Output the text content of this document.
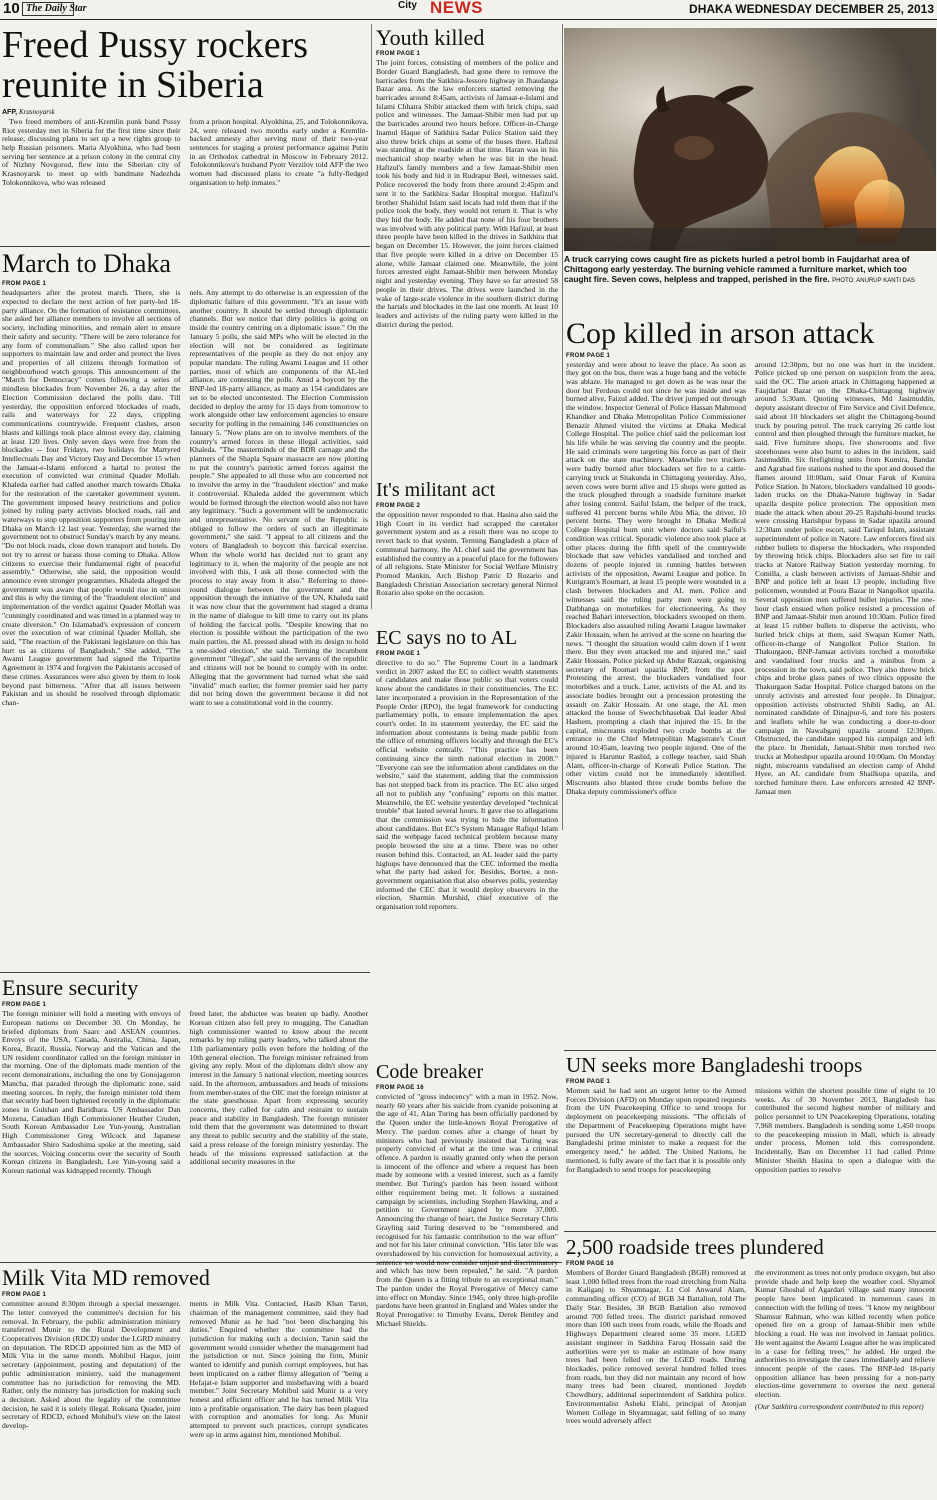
10 The Daily Star	City NEWS	DHAKA WEDNESDAY DECEMBER 25, 2013
Freed Pussy rockers reunite in Siberia
AFP, Krasnoyarsk

Two freed members of anti-Kremlin punk band Pussy Riot yesterday met in Siberia for the first time since their release, discussing plans to set up a new rights group to help Russian prisoners. Maria Alyokhina, who had been serving her sentence at a prison colony in the central city of Nizhny Novgorod, flew into the Siberian city of Krasnoyarsk to meet up with bandmate Nadezhda Tolokonnikova, who was released

from a prison hospital. Alyokhina, 25, and Tolokonnikova, 24, were released two months early under a Kremlin-backed amnesty after serving most of their two-year sentences for staging a protest performance against Putin in an Orthodox cathedral in Moscow in February 2012. Tolokonnikova's husband Pyotr Verzilov told AFP the two women had discussed plans to create "a fully-fledged organisation to help inmates."

March to Dhaka
FROM PAGE 1

headquarters after the protest march. There, she is expected to declare the next action of her party-led 18-party alliance. On the formation of resistance committees, she asked her alliance members to involve all sections of society, including minorities, and remain alert to ensure their safety and security. "There will be zero tolerance for any form of communalism." She also called upon her supporters to maintain law and order and protect the lives and properties of all citizens through formation of neighbourhood watch groups. This announcement of the "March for Democracy" comes following a series of mindless blockades from November 26, a day after the Election Commission declared the polls date. Till yesterday, the opposition enforced blockades of roads, rails and waterways for 22 days, crippling communications countrywide. Frequent clashes, arson blasts and killings took place almost every day, claiming at least 120 lives. Only seven days were free from the blockades -- four Fridays, two holidays for Martyred Intellectuals Day and Victory Day and December 15 when the Jamaat-e-Islami enforced a hartal to protest the execution of convicted war criminal Quader Mollah. Khaleda earlier had called another march towards Dhaka for the restoration of the caretaker government system. The government imposed heavy restrictions and police joined by ruling party activists blocked roads, rail and waterways to stop opposition supporters from pouring into Dhaka on March 12 last year. Yesterday, she warned the government not to obstruct Sunday's march by any means. "Do not block roads, close down transport and hotels. Do not try to arrest or harass those coming to Dhaka. Allow citizens to exercise their fundamental right of peaceful assembly." Otherwise, she said, the opposition would announce even stronger programmes. Khaleda alleged the government was aware that people would rise in unison and this is why the timing of the "fraudulent election" and implementation of the verdict against Quader Mollah was "cunningly coordinated and was timed in a planned way to create diversion." On Islamabad's expression of concern over the execution of war criminal Quader Mollah, she said, "The reaction of the Pakistani legislature on this has hurt us as citizens of Bangladesh." She added, "The Awami League government had signed the Tripartite Agreement in 1974 and forgiven the Pakistanis accused of these crimes. Assurances were also given by them to look beyond past bitterness. "After that all issues between Pakistan and us should be resolved through diplomatic chan-

nels. Any attempt to do otherwise is an expression of the diplomatic failure of this government. "It's an issue with another country. It should be settled through diplomatic channels. But we notice that dirty politics is going on inside the country centring on a diplomatic issue." On the January 5 polls, she said MPs who will be elected in the election will not be considered as legitimate representatives of the people as they do not enjoy any popular mandate. The ruling Awami League and 11 other parties, most of which are components of the AL-led alliance, are contesting the polls. Amid a boycott by the BNP-led 18-party alliance, as many as 154 candidates are set to be elected uncontested. The Election Commission decided to deploy the army for 15 days from tomorrow to work alongside other law enforcement agencies to ensure security for polling in the remaining 146 constituencies on January 5. "Now plans are on to involve members of the country's armed forces in these illegal activities, said Khaleda. "The masterminds of the BDR carnage and the planners of the Shapla Square massacre are now plotting to put the country's patriotic armed forces against the people." She appealed to all those who are concerned not to involve the army in the "fraudulent election" and make it controversial. Khaleda added the government which would be formed through the election would also not have any legitimacy. "Such a government will be undemocratic and unrepresentative. No servant of the Republic is obliged to follow the orders of such an illegitimate government," she said. "I appeal to all citizens and the voters of Bangladesh to boycott this farcical exercise. When the whole world has decided not to grant any legitimacy to it, when the majority of the people are not involved with this, I ask all those connected with the process to stay away from it also." Referring to three-round dialogue between the government and the opposition through the initiative of the UN, Khaleda said it was now clear that the government had staged a drama in the name of dialogue to kill time to carry out its plans of holding the farcical polls. "Despite knowing that no election is possible without the participation of the two main parties, the AL pressed ahead with its design to hold a one-sided election," she said. Terming the incumbent government "illegal", she said the servants of the republic and citizens will not be bound to comply with its order. Alleging that the government had turned what she said "invalid" much earlier, the former premier said her party did not bring down the government because it did not want to see a constitutional void in the country.

Ensure security
FROM PAGE 1

The foreign minister will hold a meeting with envoys of European nations on December 30. On Monday, he briefed diplomats from Saarc and ASEAN countries. Envoys of the USA, Canada, Australia, China, Japan, Korea, Brazil, Russia, Norway and the Vatican and the UN resident coordinator called on the foreign minister in the morning. One of the diplomats made mention of the recent demonstrations, including the one by Gonojagoron Mancha, that paraded through the diplomatic zone, said meeting sources. In reply, the foreign minister told them that security had been tightened recently in the diplomatic zones in Gulshan and Baridhara. US Ambassador Dan Mozena, Canadian High Commissioner Heather Cruden, South Korean Ambassador Lee Yun-young, Australian High Commissioner Greg Wilcock and Japanese Ambassador Shiro Sadoshima spoke at the meeting, said the sources. Voicing concerns over the security of South Korean citizens in Bangladesh, Lee Yun-young said a Korean national was kidnapped recently. Though

freed later, the abductee was beaten up badly. Another Korean citizen also fell prey to mugging. The Canadian high commissioner wanted to know about the recent remarks by top ruling party leaders, who talked about the 11th parliamentary polls even before the holding of the 10th general election. The foreign minister refrained from giving any reply. Most of the diplomats didn't show any interest in the January 5 national election, meeting sources said. In the afternoon, ambassadors and heads of missions from member-states of the OIC met the foreign minister at the state guesthouse. Apart from expressing security concerns, they called for calm and restraint to sustain peace and stability in Bangladesh. The foreign minister told them that the government was determined to thwart any threat to public security and the stability of the state, said a press release of the foreign ministry yesterday. The heads of the missions expressed satisfaction at the additional security measures in the

Milk Vita MD removed
FROM PAGE 1

committee around 8:30pm through a special messenger. The letter conveyed the committee's decision for his removal. In February, the public administration ministry transferred Munir to the Rural Development and Cooperatives Division (RDCD) under the LGRD ministry on deputation. The RDCD appointed him as the MD of Milk Vita in the same month. Mohibul Haque, joint secretary (appointment, posting and deputation) of the public administration ministry, said the management committee has no jurisdiction for removing the MD. Rather, only the ministry has jurisdiction for making such a decision. Asked about the legality of the committee decision, he said it is solely illegal. Roksana Quader, joint secretary of RDCD, echoed Mohibul's view on the latest develop-

ments in Milk Vita. Contacted, Hasib Khan Tarun, chairman of the management committee, said they had removed Munir as he had "not been discharging his duties." Enquired whether the committee had the jurisdiction for making such a decision, Tarun said the government would consider whether the management had the jurisdiction or not. Since joining the firm, Munir wanted to identify and punish corrupt employees, but has been implicated on a rather flimsy allegation of "being a Hefajat-e Islam supporter and misbehaving with a board member." Joint Secretary Mohibul said Munir is a very honest and efficient officer and he has turned Milk Vita into a profitable organisation. The dairy has been plagued with corruption and anomalies for long. As Munir attempted to prevent such practices, corrupt syndicates were up in arms against him, mentioned Mohibul.

Youth killed
FROM PAGE 1

The joint forces, consisting of members of the police and Border Guard Bangladesh, had gone there to remove the barricades from the Satkhira-Jessore highway in Jhaudanga Bazar area. As the law enforcers started removing the barricades around 8:45am, activists of Jamaat-e-Islami and Islami Chhatra Shibir attacked them with brick chips, said police and witnesses. The Jamaat-Shibir men had put up the barricades around two hours before. Officer-in-Charge Inamul Haque of Satkhira Sadar Police Station said they also threw brick chips at some of the buses there. Hafizul was standing at the roadside at that time. Haran was in his mechanical shop nearby when he was hit in the head. Hafizul's family members and a few Jamaat-Shibir men took his body and hid it in Rudrapur Beel, witnesses said. Police recovered the body from there around 2:45pm and sent it to the Satkhira Sadar Hospital morgue. Hafizul's brother Shahidul Islam said locals had told them that if the police took the body, they would not return it. That is why they hid the body. He added that none of his four brothers was involved with any political party. With Hafizul, at least three people have been killed in the drives in Satkhira that began on December 15. However, the joint forces claimed that five people were killed in a drive on December 15 alone, while Jamaat claimed one. Meanwhile, the joint forces arrested eight Jamaat-Shibir men between Monday night and yesterday evening. They have so far arrested 58 people in their drives. The drives were launched in the wake of large-scale violence in the southern district during the hartals and blockades in the last one month. At least 10 leaders and activists of the ruling party were killed in the district during the period.

It's militant act
FROM PAGE 2

the opposition never responded to that. Hasina also said the High Court in its verdict had scrapped the caretaker government system and as a result there was no scope to revert back to that system. Terming Bangladesh a place of communal harmony, the AL chief said the government has established the country as a peaceful place for the followers of all religions. State Minister for Social Welfare Ministry Promod Mankin, Arch Bishop Patric D Rozario and Bangladesh Christian Association secretary general Nirmol Rozario also spoke on the occasion.

EC says no to AL
FROM PAGE 1

directive to do so." The Supreme Court in a landmark verdict in 2007 asked the EC to collect wealth statements of candidates and make those public so that voters could know about the candidates in their constituencies. The EC later incorporated a provision in the Representation of the People Order (RPO), the legal framework for conducting parliamentary polls, to ensure implementation the apex court's order. In its statement yesterday, the EC said the information about contestants is being made public from the office of returning officers locally and through the EC's official website centrally. "This practice has been continuing since the ninth national election in 2008." "Everyone can see the information about candidates on the website," said the statement, adding that the commission has not stepped back from its practice. The EC also urged all not to publish any "confusing" reports on this matter. Meanwhile, the EC website yesterday developed "technical trouble" that lasted several hours. It gave rise to allegations that the commission was trying to hide the information about candidates. But EC's System Manager Rafiqul Islam said the webpage faced technical problem because many people browsed the site at a time. There was no other reason behind this. Contacted, an AL leader said the party highups have denounced that the CEC informed the media what the party had asked for. Besides, Bortee, a non-government organisation that also observes polls, yesterday informed the CEC that it would deploy observers in the election, Sharmin Murshid, chief executive of the organisation told reporters.

Code breaker
FROM PAGE 16

convicted of "gross indecency" with a man in 1952. Now, nearly 60 years after his suicide from cyanide poisoning at the age of 41, Alan Turing has been officially pardoned by the Queen under the little-known Royal Prerogative of Mercy. The pardon comes after a change of heart by ministers who had previously insisted that Turing was properly convicted of what at the time was a criminal offence. A pardon is usually granted only when the person is innocent of the offence and where a request has been made by someone with a vested interest, such as a family member. But Turing's pardon has been issued without either requirement being met. It follows a sustained campaign by scientists, including Stephen Hawking, and a petition to Government signed by more 37,000. Announcing the change of heart, the Justice Secretary Chris Grayling said Turing deserved to be "remembered and recognised for his fantastic contribution to the war effort" and not for his later criminal conviction. "His later life was overshadowed by his conviction for homosexual activity, a sentence we would now consider unjust and discriminatory and which has now been repealed," he said. "A pardon from the Queen is a fitting tribute to an exceptional man." The pardon under the Royal Prerogative of Mercy came into effect on Monday. Since 1945, only three high-profile pardons have been granted in England and Wales under the Royal Prerogative: to Timothy Evans, Derek Bentley and Michael Shields.

A truck carrying cows caught fire as pickets hurled a petrol bomb in Faujdarhat area of Chittagong early yesterday. The burning vehicle rammed a furniture market, which too caught fire. Seven cows, helpless and trapped, perished in the fire. PHOTO: ANURUP KANTI DAS
Cop killed in arson attack
FROM PAGE 1

yesterday and were about to leave the place. As soon as they got on the bus, there was a huge bang and the vehicle was ablaze. He managed to get down as he was near the door but Ferdous could not since he was inside and was burned alive, Faizul added. The driver jumped out through the window. Inspector General of Police Hassan Mahmood Khandker and Dhaka Metropolitan Police Commissioner Benazir Ahmed visited the victims at Dhaka Medical College Hospital. The police chief said the policeman lost his life while he was serving the country and the people. He said criminals were targeting his force as part of their attack on the state machinery. Meanwhile two truckers were badly burned after blockaders set fire to a cattle-carrying truck at Sitakunda in Chittagong yesterday. Also, seven cows were burnt alive and 15 shops were gutted as the truck ploughed through a roadside furniture market after losing control. Saiful Islam, the helper of the truck, suffered 41 percent burns while Abu Mia, the driver, 10 percent burns. They were brought to Dhaka Medical College Hospital burn unit where doctors said Saiful's condition was critical. Sporadic violence also took place at other places during the fifth spell of the countrywide blockade that saw vehicles vandalised and torched and dozens of people injured in running battles between activists of the opposition, Awami League and police. In Kurigram's Roumari, at least 15 people were wounded in a clash between blockaders and AL men. Police and witnesses said the ruling party men were going to Datbhanga on motorbikes for electioneering. As they reached Bahari intersection, blockaders swooped on them. Blockaders also assaulted ruling Awami League lawmaker Zakir Hossain, when he arrived at the scene on hearing the news. "I thought the situation would calm down if I went there. But they even attacked me and injured me," said Zakir Hossain. Police picked up Abdur Razzak, organising secretary of Roumari upazila BNP, from the spot. Protesting the arrest, the blockaders vandalised four motorbikes and a truck. Later, activists of the AL and its associate bodies brought out a procession protesting the assault on Zakir Hossain. At one stage, the AL men attacked the house of Swechchhasebak Dal leader Abul Hashem, prompting a clash that injured the 15. In the capital, miscreants exploded two crude bombs at the entrance to the Chief Metropolitan Magistrate's Court around 10:45am, leaving two people injured. One of the injured is Harunur Rashid, a college teacher, said Shah Alam, officer-in-charge of Kotwali Police Station. The other victim could not be immediately identified. Miscreants also blasted three crude bombs before the Dhaka deputy commissioner's office

around 12:30pm, but no one was hurt in the incident. Police picked up one person on suspicion from the area, said the OC. The arson attack in Chittagong happened at Faujdarhat Bazar on the Dhaka-Chittagong highway around 5:30am. Quoting witnesses, Md Jasimuddin, deputy assistant director of Fire Service and Civil Defence, said about 10 blockaders set alight the Chittagong-bound truck by pouring petrol. The truck carrying 26 cattle lost control and then ploughed through the furniture market, he said. Five furniture shops, five showrooms and five storehouses were also burnt to ashes in the incident, said Jasimuddin. Six firefighting units from Kumira, Bandar and Agrabad fire stations rushed to the spot and doused the flames around 10:00am, said Omar Faruk of Kumira Police Station. In Natore, blockaders vandalised 10 goods-laden trucks on the Dhaka-Natore highway in Sadar upazila despite police protection. The opposition men made the attack when about 20-25 Rajshahi-bound trucks were crossing Harishpur bypass in Sadar upazila around 12:30am under police escort, said Tariqul Islam, assistant superintendent of police in Natore. Law enforcers fired six rubber bullets to disperse the blockaders, who responded by throwing brick chips. Blockaders also set fire to rail tracks at Natore Railway Station yesterday morning. In Comilla, a clash between activists of Jamaat-Shibir and BNP and police left at least 13 people, including five policemen, wounded at Poura Bazar in Nangolkot upazila. Several opposition men suffered bullet injuries. The one-hour clash ensued when police resisted a procession of BNP and Jamaat-Shibir men around 10:30am. Police fired at least 15 rubber bullets to disperse the activists, who hurled brick chips at them, said Swapan Kumer Nath, officer-in-charge of Nangolkot Police Station. In Thakurgaon, BNP-Jamaat activists torched a motorbike and vandalised four trucks and a minibus from a procession in the town, said police. They also threw brick chips and broke glass panes of two clinics opposite the Thakurgaon Sadar Hospital. Police charged batons on the unruly activists and arrested four people. In Dinajpur, opposition activists obstructed Shibli Sadiq, an AL nominated candidate of Dinajpur-6, and tore his posters and leaflets while he was conducting a door-to-door campaign in Nawabganj upazila around 12:30pm. Obstructed, the candidate stopped his campaign and left the place. In Jhenidah, Jamaat-Shibir men torched two trucks at Moheshpur upazila around 10:00am. On Monday night, miscreants vandalised an election camp of Abdul Hyee, an AL candidate from Shailkupa upazila, and torched furniture there. Law enforcers arrested 42 BNP-Jamaat men

UN seeks more Bangladeshi troops
FROM PAGE 1

Momen said he had sent an urgent letter to the Armed Forces Division (AFD) on Monday upon repeated requests from the UN Peacekeeping Office to send troops for deployment on peacekeeping missions. "The officials of the Department of Peacekeeping Operations might have pursued the UN secretary-general to directly call the Bangladeshi prime minister to make a request for the emergency need," he added. The United Nations, he mentioned, is fully aware of the fact that it is possible only for Bangladesh to send troops for peacekeeping

missions within the shortest possible time of eight to 10 weeks. As of 30 November 2013, Bangladesh has contributed the second highest number of military and police personnel to UN Peacekeeping Operations, totaling 7,968 members. Bangladesh is sending some 1,450 troops to the peacekeeping mission in Mali, which is already under process, Momen told this correspondent. Incidentally, Ban on December 11 had called Prime Minister Sheikh Hasina to open a dialogue with the opposition parties to resolve

2,500 roadside trees plundered
FROM PAGE 16

Members of Border Guard Bangladesh (BGB) removed at least 1,000 felled trees from the road stretching from Nalta in Kaliganj to Shyamnagar, Lt Col Anwarul Alam, commanding officer (CO) of BGB 34 Battalion, told The Daily Star. Besides, 38 BGB Battalion also removed around 700 felled trees. The district parishad removed more than 100 such trees from roads, while the Roads and Highways Department cleared some 35 more. LGED assistant engineer in Satkhira Faruq Hossain said the authorities were yet to make an estimate of how many trees had been felled on the LGED roads. During blockades, police removed several hundred felled trees from roads, but they did not maintain any record of how many trees had been cleared, mentioned Joydeb Chowdhury, additional superintendent of Satkhira police. Environmentalist Asheki Elahi, principal of Atonjan Women College in Shyamnagar, said felling of so many trees would adversely affect

the environment as trees not only produce oxygen, but also provide shade and help keep the weather cool. Shyamol Kumar Ghoshal of Agardari village said many innocent people have been implicated in numerous cases in connection with the felling of trees. "I know my neighbour Shamsur Rahman, who was killed recently when police opened fire on a group of Jamaat-Shibir men while blocking a road. He was not involved in Jamaat politics. He went against the Awami League after he was implicated in a case for felling trees," he added. He urged the authorities to investigate the cases immediately and relieve innocent people of the cases. The BNP-led 18-party opposition alliance has been pressing for a non-party election-time government to oversee the next general election.

(Our Satkhira correspondent contributed to this report)
